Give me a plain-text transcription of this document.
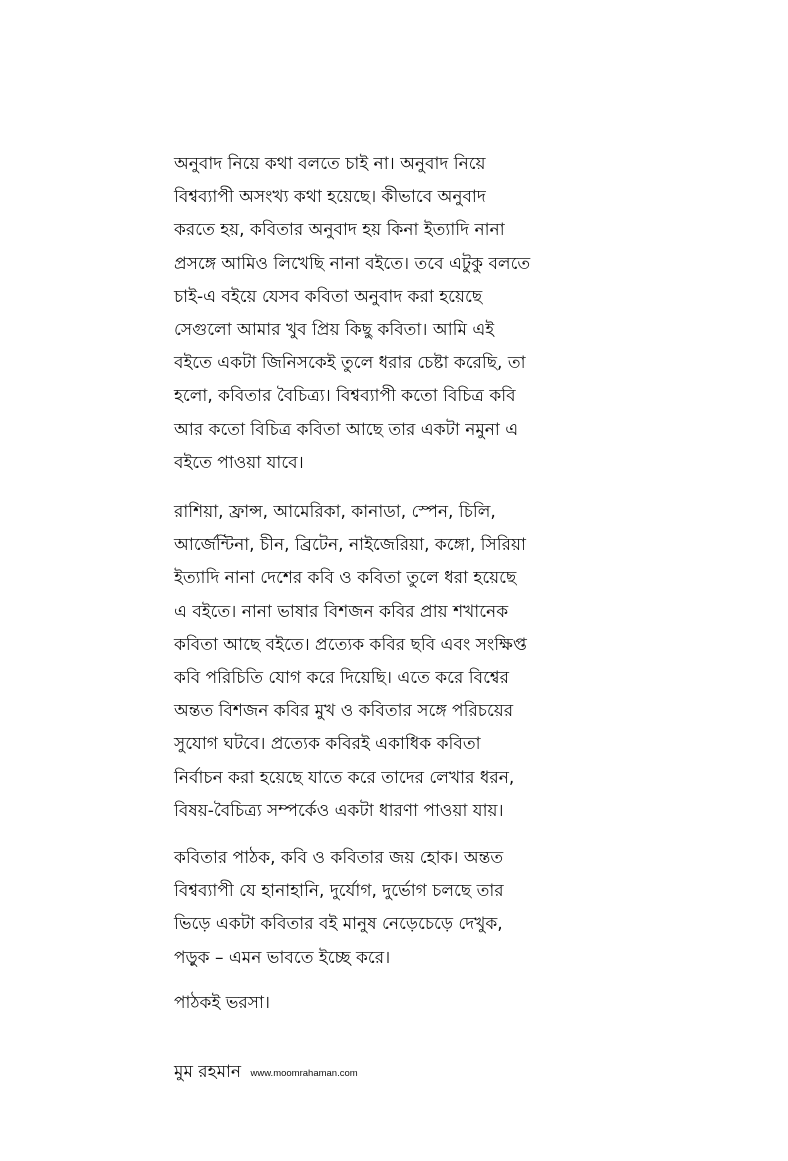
অনুবাদ নিয়ে কথা বলতে চাই না। অনুবাদ নিয়ে
বিশ্বব্যাপী অসংখ্য কথা হয়েছে। কীভাবে অনুবাদ
করতে হয়, কবিতার অনুবাদ হয় কিনা ইত্যাদি নানা
প্রসঙ্গে আমিও লিখেছি নানা বইতে। তবে এটুকু বলতে
চাই-এ বইয়ে যেসব কবিতা অনুবাদ করা হয়েছে
সেগুলো আমার খুব প্রিয় কিছু কবিতা। আমি এই
বইতে একটা জিনিসকেই তুলে ধরার চেষ্টা করেছি, তা
হলো, কবিতার বৈচিত্র্য। বিশ্বব্যাপী কতো বিচিত্র কবি
আর কতো বিচিত্র কবিতা আছে তার একটা নমুনা এ
বইতে পাওয়া যাবে।

রাশিয়া, ফ্রান্স, আমেরিকা, কানাডা, স্পেন, চিলি,
আর্জেন্টিনা, চীন, ব্রিটেন, নাইজেরিয়া, কঙ্গো, সিরিয়া
ইত্যাদি নানা দেশের কবি ও কবিতা তুলে ধরা হয়েছে
এ বইতে। নানা ভাষার বিশজন কবির প্রায় শখানেক
কবিতা আছে বইতে। প্রত্যেক কবির ছবি এবং সংক্ষিপ্ত
কবি পরিচিতি যোগ করে দিয়েছি। এতে করে বিশ্বের
অন্তত বিশজন কবির মুখ ও কবিতার সঙ্গে পরিচয়ের
সুযোগ ঘটবে। প্রত্যেক কবিরই একাধিক কবিতা
নির্বাচন করা হয়েছে যাতে করে তাদের লেখার ধরন,
বিষয়-বৈচিত্র্য সম্পর্কেও একটা ধারণা পাওয়া যায়।

কবিতার পাঠক, কবি ও কবিতার জয় হোক। অন্তত
বিশ্বব্যাপী যে হানাহানি, দুর্যোগ, দুর্ভোগ চলছে তার
ভিড়ে একটা কবিতার বই মানুষ নেড়েচেড়ে দেখুক,
পড়ুক – এমন ভাবতে ইচ্ছে করে।

পাঠকই ভরসা।

মুম রহমান www.moomrahaman.com
